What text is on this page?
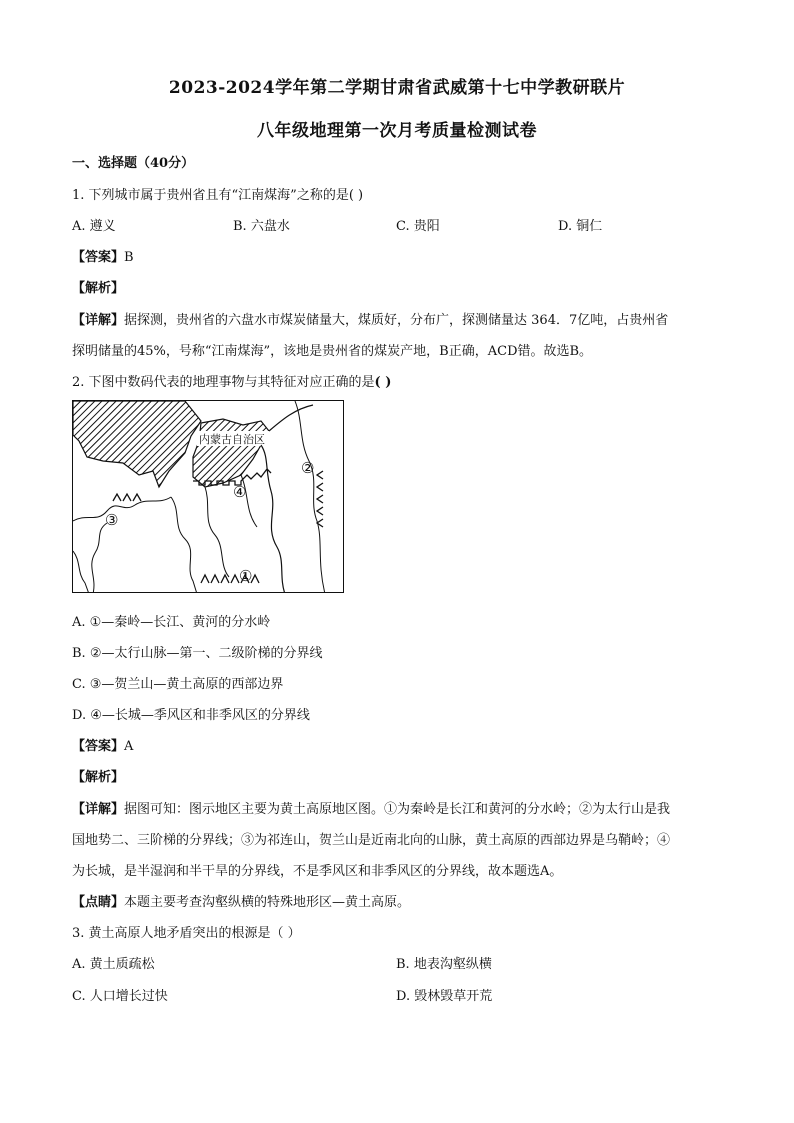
2023-2024学年第二学期甘肃省武威第十七中学教研联片
八年级地理第一次月考质量检测试卷
一、选择题（40分）
1. 下列城市属于贵州省且有“江南煤海”之称的是( )
A. 遵义	B. 六盘水	C. 贵阳	D. 铜仁
【答案】B
【解析】
【详解】据探测，贵州省的六盘水市煤炭储量大，煤质好，分布广，探测储量达 364．7亿吨，占贵州省
探明储量的45%，号称“江南煤海”，该地是贵州省的煤炭产地，B正确，ACD错。故选B。
2. 下图中数码代表的地理事物与其特征对应正确的是( )
内蒙古自治区
①
②
③
④
A. ①—秦岭—长江、黄河的分水岭
B. ②—太行山脉—第一、二级阶梯的分界线
C. ③—贺兰山—黄土高原的西部边界
D. ④—长城—季风区和非季风区的分界线
【答案】A
【解析】
【详解】据图可知：图示地区主要为黄土高原地区图。①为秦岭是长江和黄河的分水岭；②为太行山是我
国地势二、三阶梯的分界线；③为祁连山，贺兰山是近南北向的山脉，黄土高原的西部边界是乌鞘岭；④
为长城，是半湿润和半干旱的分界线，不是季风区和非季风区的分界线，故本题选A。
【点睛】本题主要考查沟壑纵横的特殊地形区—黄土高原。
3. 黄土高原人地矛盾突出的根源是（ ）
A. 黄土质疏松	B. 地表沟壑纵横
C. 人口增长过快	D. 毁林毁草开荒
